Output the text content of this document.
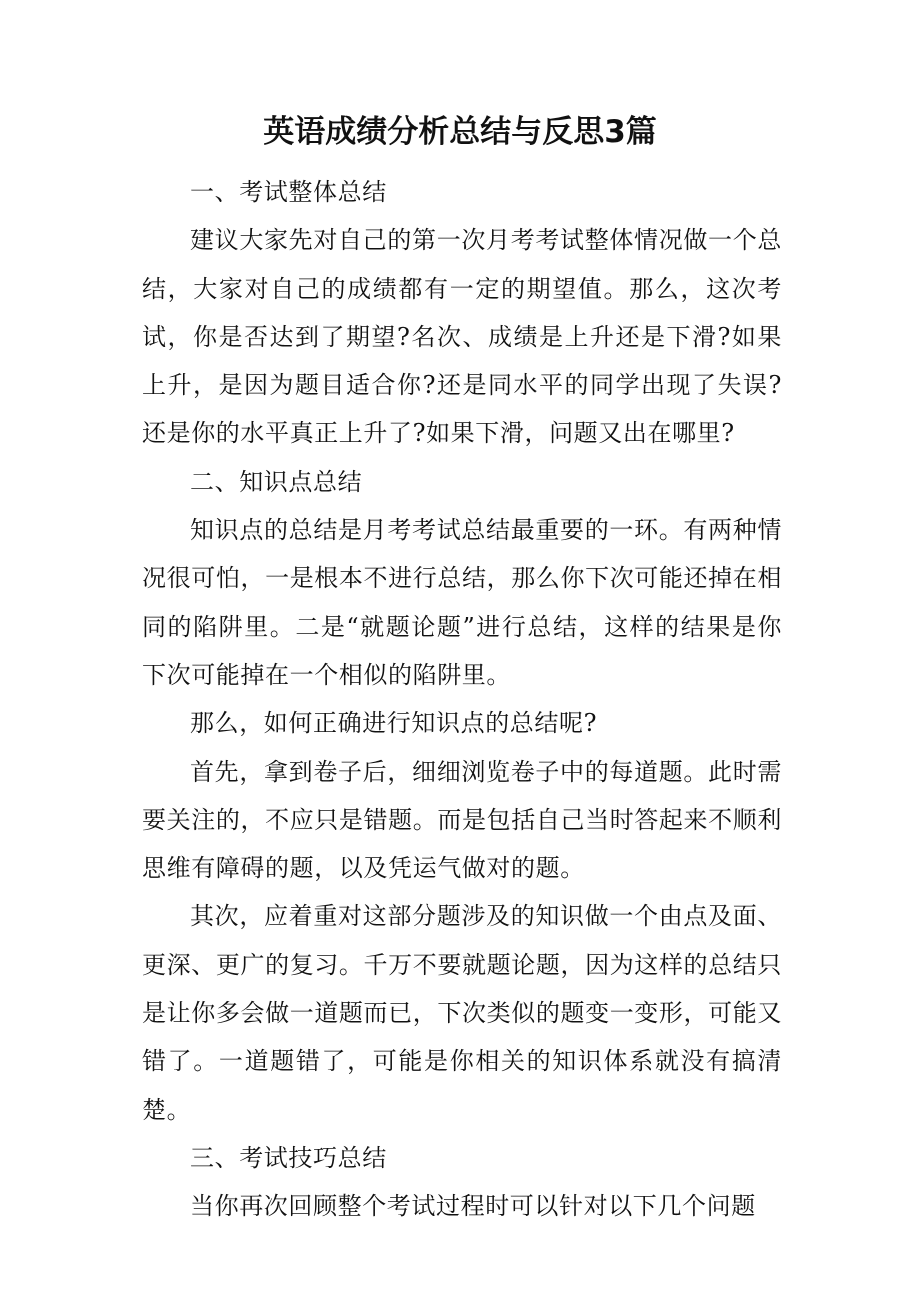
英语成绩分析总结与反思3篇

一、考试整体总结

建议大家先对自己的第一次月考考试整体情况做一个总结，大家对自己的成绩都有一定的期望值。那么，这次考试，你是否达到了期望?名次、成绩是上升还是下滑?如果上升，是因为题目适合你?还是同水平的同学出现了失误?还是你的水平真正上升了?如果下滑，问题又出在哪里?

二、知识点总结

知识点的总结是月考考试总结最重要的一环。有两种情况很可怕，一是根本不进行总结，那么你下次可能还掉在相同的陷阱里。二是“就题论题”进行总结，这样的结果是你下次可能掉在一个相似的陷阱里。

那么，如何正确进行知识点的总结呢?

首先，拿到卷子后，细细浏览卷子中的每道题。此时需要关注的，不应只是错题。而是包括自己当时答起来不顺利思维有障碍的题，以及凭运气做对的题。

其次，应着重对这部分题涉及的知识做一个由点及面、更深、更广的复习。千万不要就题论题，因为这样的总结只是让你多会做一道题而已，下次类似的题变一变形，可能又错了。一道题错了，可能是你相关的知识体系就没有搞清楚。

三、考试技巧总结

当你再次回顾整个考试过程时可以针对以下几个问题
